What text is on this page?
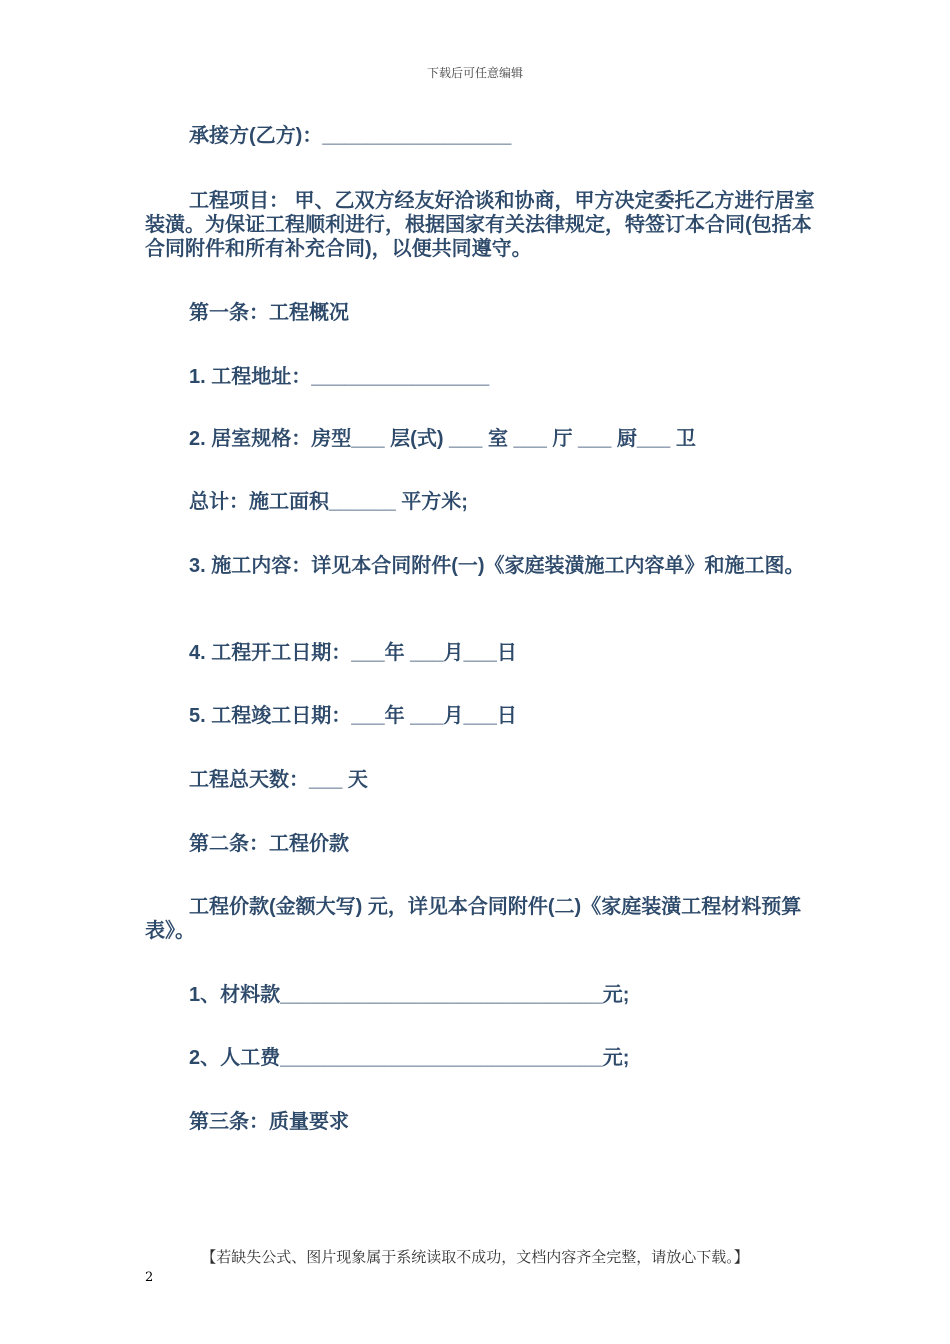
下载后可任意编辑
承接方(乙方)：_________________
工程项目： 甲、乙双方经友好洽谈和协商，甲方决定委托乙方进行居室装潢。为保证工程顺利进行，根据国家有关法律规定，特签订本合同(包括本合同附件和所有补充合同)，以便共同遵守。
第一条：工程概况
1. 工程地址：________________
2. 居室规格：房型___ 层(式) ___ 室 ___ 厅 ___ 厨___ 卫
总计：施工面积______ 平方米;
3. 施工内容：详见本合同附件(一)《家庭装潢施工内容单》和施工图。
4. 工程开工日期：___年 ___月___日
5. 工程竣工日期：___年 ___月___日
工程总天数：___ 天
第二条：工程价款
工程价款(金额大写) 元，详见本合同附件(二)《家庭装潢工程材料预算表》。
1、材料款_____________________________元;
2、人工费_____________________________元;
第三条：质量要求
【若缺失公式、图片现象属于系统读取不成功，文档内容齐全完整，请放心下载。】
2
